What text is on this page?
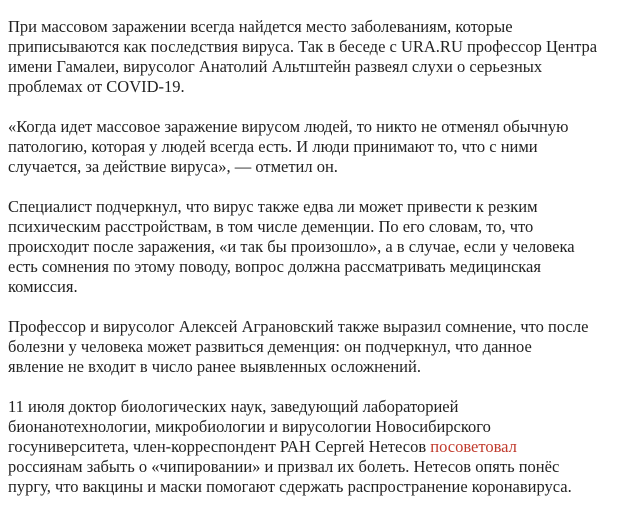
При массовом заражении всегда найдется место заболеваниям, которые
приписываются как последствия вируса. Так в беседе с URA.RU профессор Центра
имени Гамалеи, вирусолог Анатолий Альтштейн развеял слухи о серьезных
проблемах от COVID-19.

«Когда идет массовое заражение вирусом людей, то никто не отменял обычную
патологию, которая у людей всегда есть. И люди принимают то, что с ними
случается, за действие вируса», — отметил он.

Специалист подчеркнул, что вирус также едва ли может привести к резким
психическим расстройствам, в том числе деменции. По его словам, то, что
происходит после заражения, «и так бы произошло», а в случае, если у человека
есть сомнения по этому поводу, вопрос должна рассматривать медицинская
комиссия.

Профессор и вирусолог Алексей Аграновский также выразил сомнение, что после
болезни у человека может развиться деменция: он подчеркнул, что данное
явление не входит в число ранее выявленных осложнений.

11 июля доктор биологических наук, заведующий лабораторией
бионанотехнологии, микробиологии и вирусологии Новосибирского
госуниверситета, член-корреспондент РАН Сергей Нетесов посоветовал
россиянам забыть о «чипировании» и призвал их болеть. Нетесов опять понёс
пургу, что вакцины и маски помогают сдержать распространение коронавируса.
